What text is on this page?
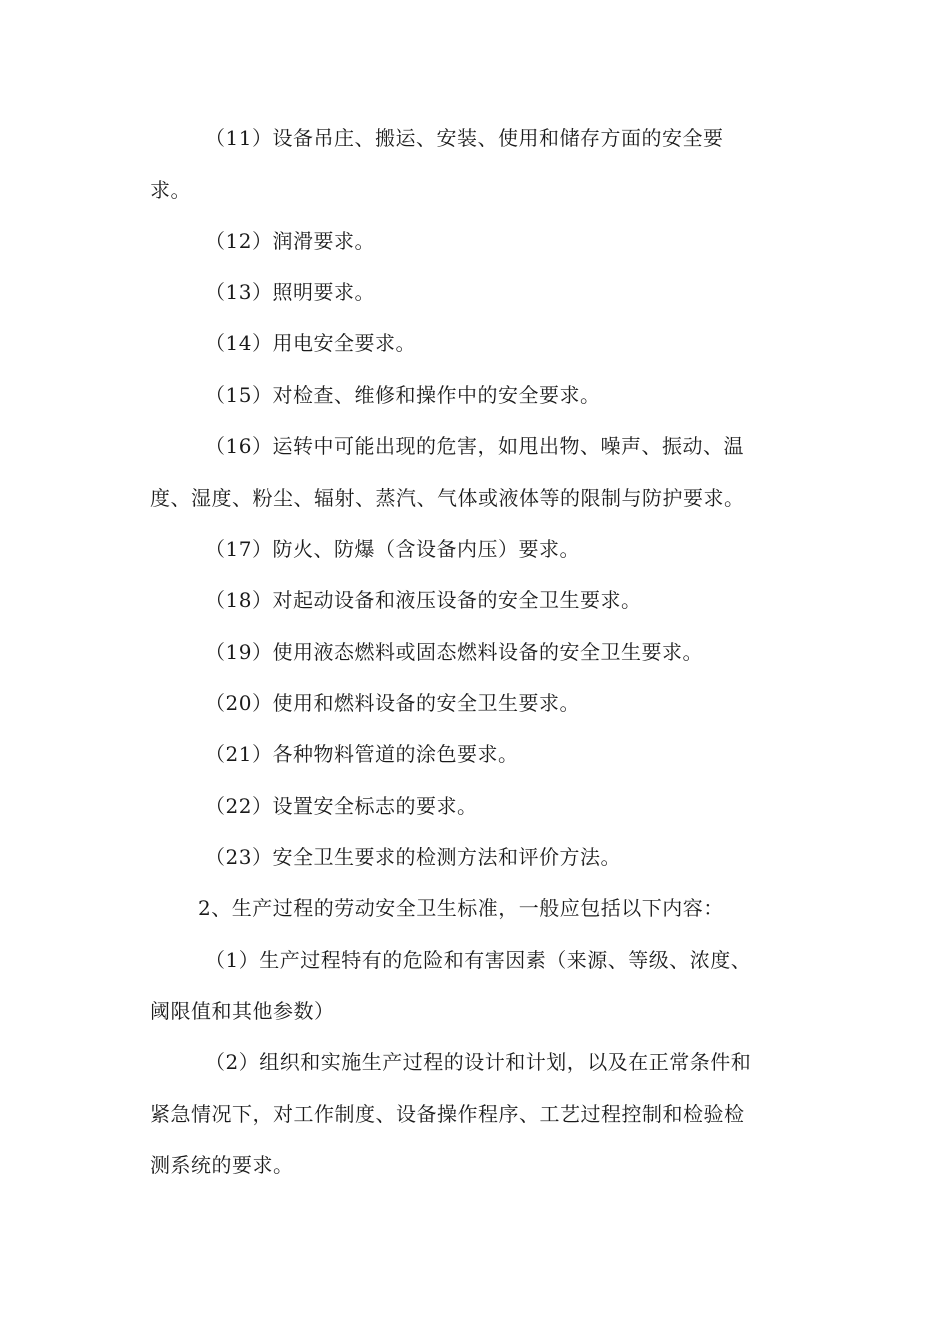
（11）设备吊庄、搬运、安装、使用和储存方面的安全要
求。
（12）润滑要求。
（13）照明要求。
（14）用电安全要求。
（15）对检查、维修和操作中的安全要求。
（16）运转中可能出现的危害，如甩出物、噪声、振动、温
度、湿度、粉尘、辐射、蒸汽、气体或液体等的限制与防护要求。
（17）防火、防爆（含设备内压）要求。
（18）对起动设备和液压设备的安全卫生要求。
（19）使用液态燃料或固态燃料设备的安全卫生要求。
（20）使用和燃料设备的安全卫生要求。
（21）各种物料管道的涂色要求。
（22）设置安全标志的要求。
（23）安全卫生要求的检测方法和评价方法。
2、生产过程的劳动安全卫生标准，一般应包括以下内容：
（1）生产过程特有的危险和有害因素（来源、等级、浓度、
阈限值和其他参数）
（2）组织和实施生产过程的设计和计划，以及在正常条件和
紧急情况下，对工作制度、设备操作程序、工艺过程控制和检验检
测系统的要求。
